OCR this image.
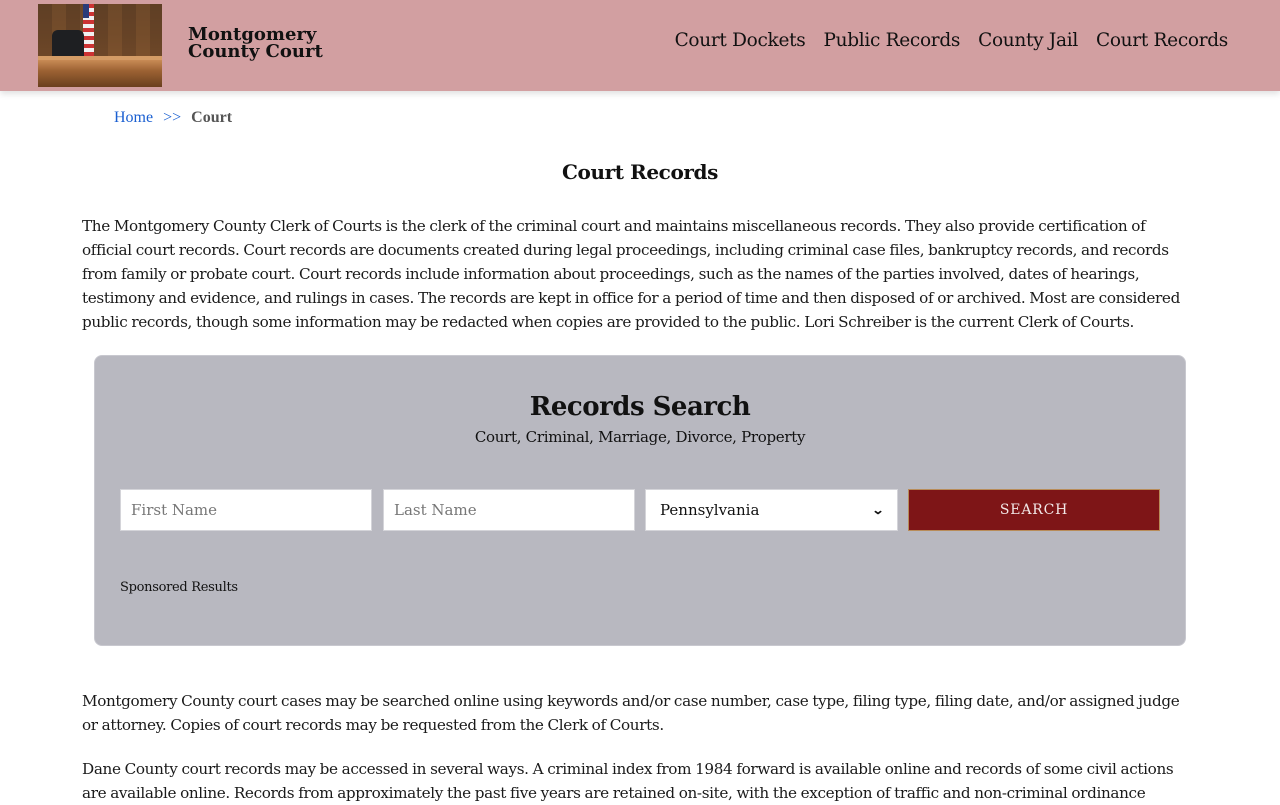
Montgomery County Court
Court Dockets Public Records County Jail Court Records
Home >> Court
Court Records

The Montgomery County Clerk of Courts is the clerk of the criminal court and maintains miscellaneous records. They also provide certification of official court records. Court records are documents created during legal proceedings, including criminal case files, bankruptcy records, and records from family or probate court. Court records include information about proceedings, such as the names of the parties involved, dates of hearings, testimony and evidence, and rulings in cases. The records are kept in office for a period of time and then disposed of or archived. Most are considered public records, though some information may be redacted when copies are provided to the public. Lori Schreiber is the current Clerk of Courts.

Records Search
Court, Criminal, Marriage, Divorce, Property
First Name
Last Name
Pennsylvania	⌄	SEARCH
Sponsored Results

Montgomery County court cases may be searched online using keywords and/or case number, case type, filing type, filing date, and/or assigned judge or attorney. Copies of court records may be requested from the Clerk of Courts.

Dane County court records may be accessed in several ways. A criminal index from 1984 forward is available online and records of some civil actions are available online. Records from approximately the past five years are retained on-site, with the exception of traffic and non-criminal ordinance
